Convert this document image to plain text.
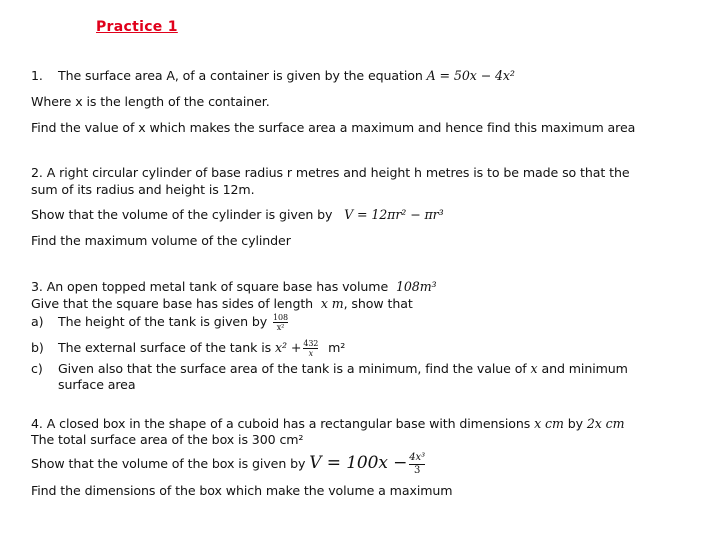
Practice 1
1. The surface area A, of a container is given by the equation A = 50x − 4x²
Where x is the length of the container.
Find the value of x which makes the surface area a maximum and hence find this maximum area
2. A right circular cylinder of base radius r metres and height h metres is to be made so that the
sum of its radius and height is 12m.
Show that the volume of the cylinder is given by V = 12πr² − πr³
Find the maximum volume of the cylinder
3. An open topped metal tank of square base has volume 108m³
Give that the square base has sides of length x m, show that
a) The height of the tank is given by $\frac{108}{\text{x²}}$
b) The external surface of the tank is $x^2 + \frac{432}{x} m^2$
c) Given also that the surface area of the tank is a minimum, find the value of x and minimum
surface area
4. A closed box in the shape of a cuboid has a rectangular base with dimensions x cm by 2x cm
The total surface area of the box is 300 cm²
Show that the volume of the box is given by $V = 100x - \frac{\text{4x³}}{3}$
Find the dimensions of the box which make the volume a maximum
